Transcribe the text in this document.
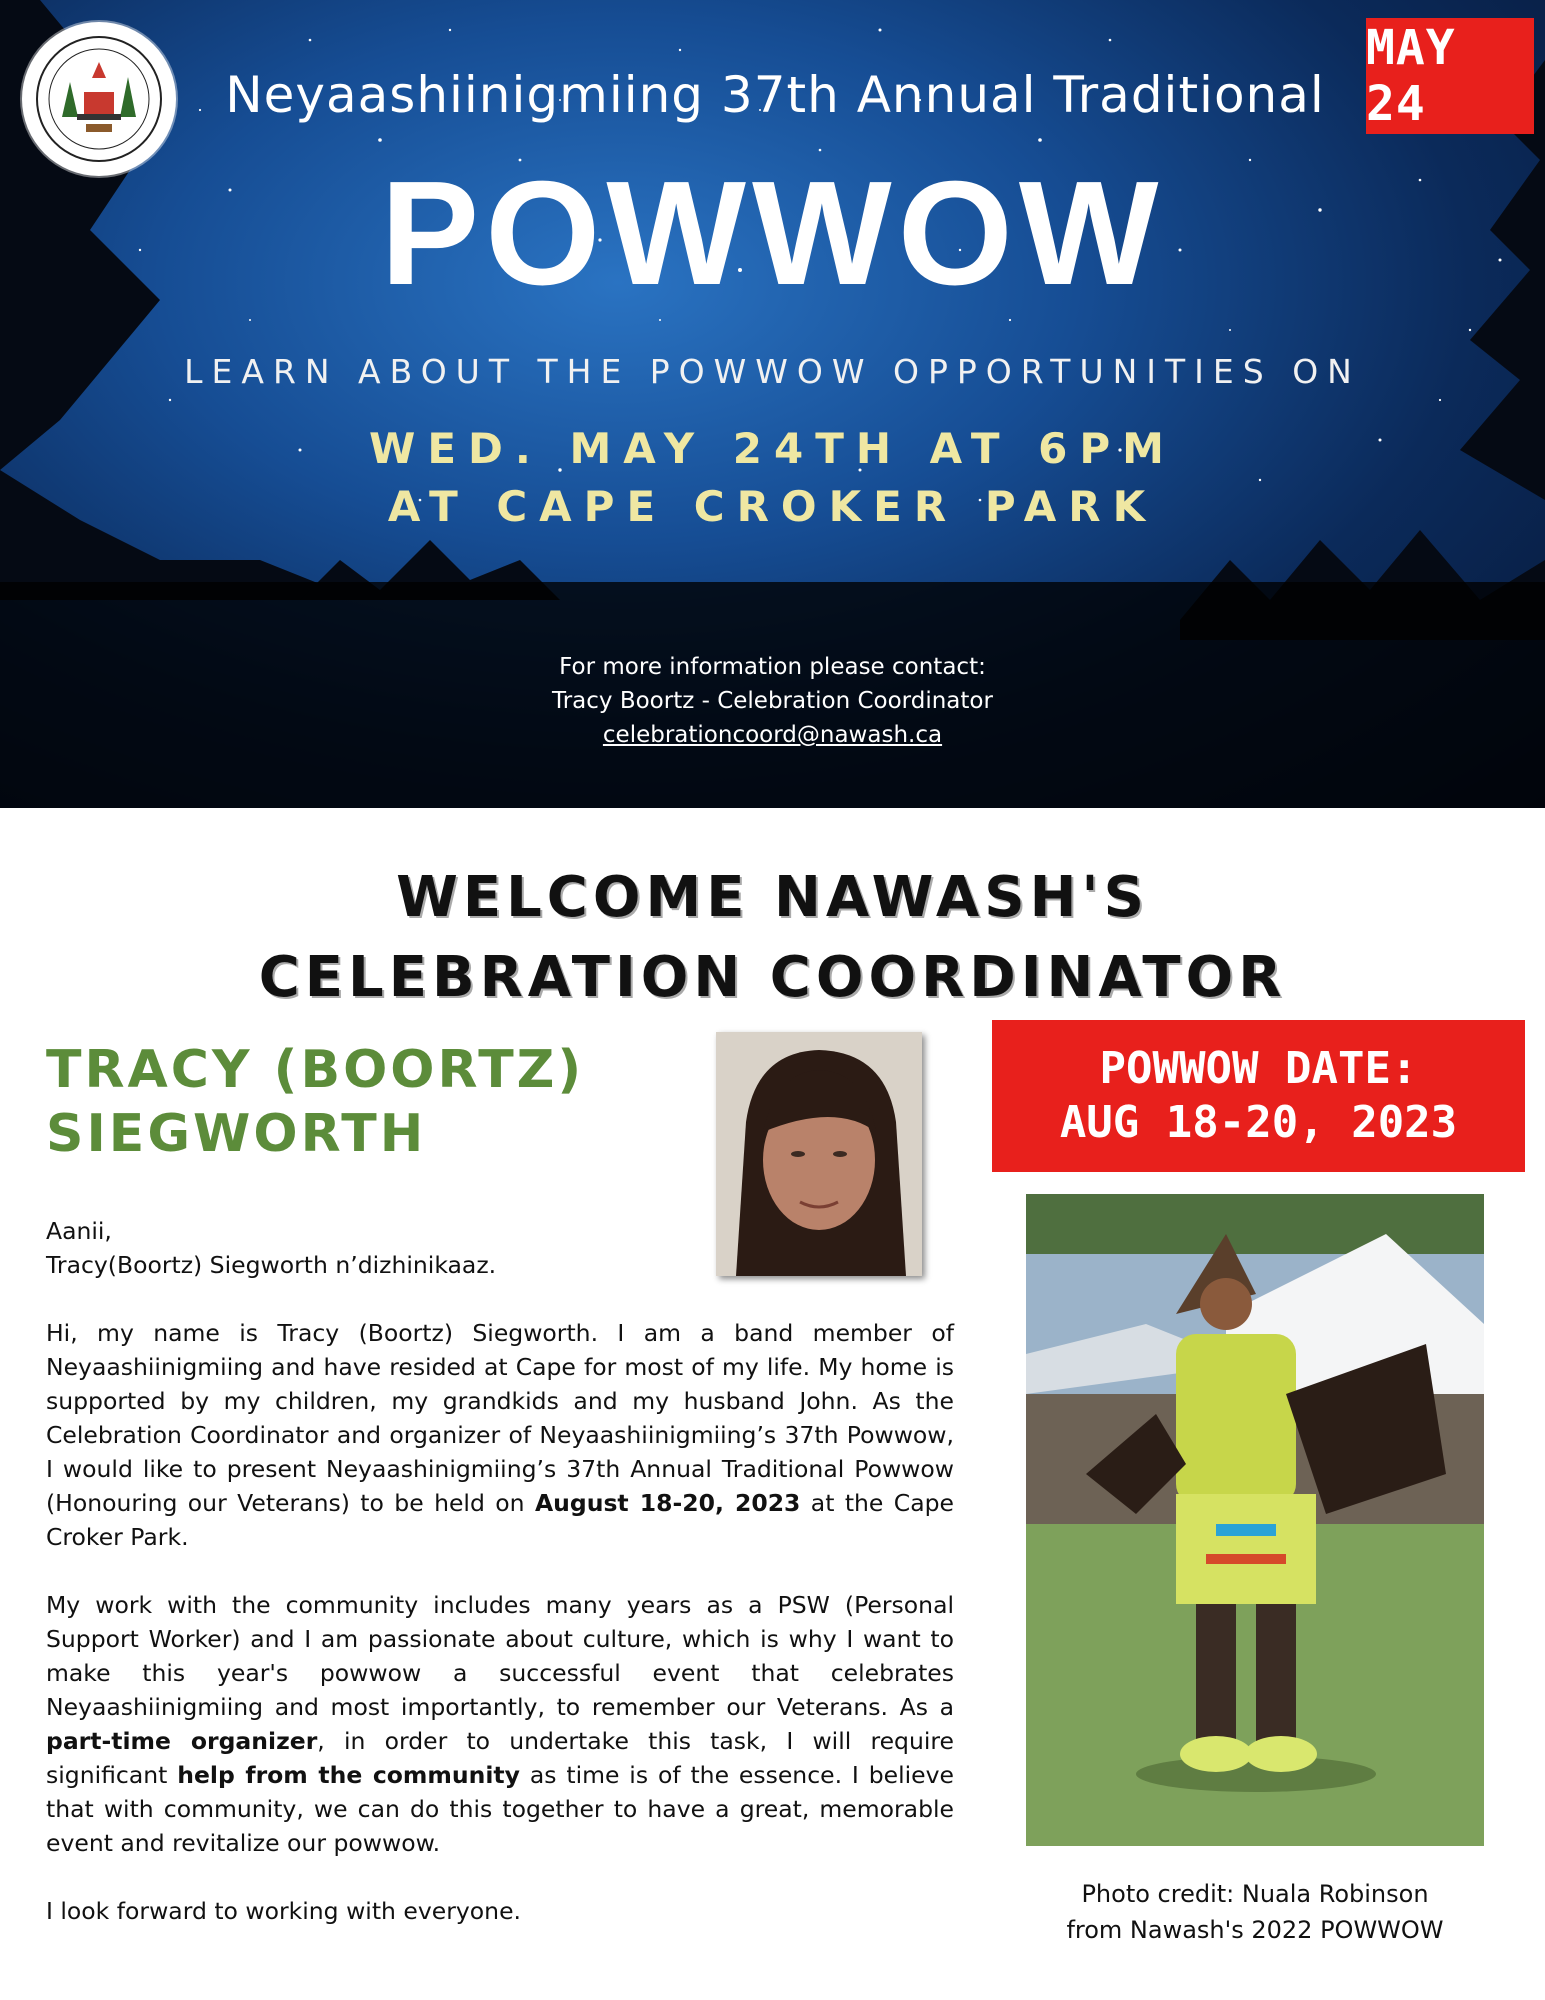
MAY 24
Neyaashiinigmiing 37th Annual Traditional
POWWOW
LEARN ABOUT THE POWWOW OPPORTUNITIES ON
WED. MAY 24TH AT 6PM
AT CAPE CROKER PARK
For more information please contact:
Tracy Boortz - Celebration Coordinator
celebrationcoord@nawash.ca
WELCOME NAWASH'S
CELEBRATION COORDINATOR
TRACY (BOORTZ)
SIEGWORTH
POWWOW DATE:
AUG 18-20, 2023

Aanii,
Tracy(Boortz) Siegworth n’dizhinikaaz.

Hi, my name is Tracy (Boortz) Siegworth. I am a band member of Neyaashiinigmiing and have resided at Cape for most of my life. My home is supported by my children, my grandkids and my husband John. As the Celebration Coordinator and organizer of Neyaashiinigmiing’s 37th Powwow, I would like to present Neyaashinigmiing’s 37th Annual Traditional Powwow (Honouring our Veterans) to be held on August 18-20, 2023 at the Cape Croker Park.

My work with the community includes many years as a PSW (Personal Support Worker) and I am passionate about culture, which is why I want to make this year's powwow a successful event that celebrates Neyaashiinigmiing and most importantly, to remember our Veterans. As a part-time organizer, in order to undertake this task, I will require significant help from the community as time is of the essence. I believe that with community, we can do this together to have a great, memorable event and revitalize our powwow.

I look forward to working with everyone.

Photo credit: Nuala Robinson
from Nawash's 2022 POWWOW
